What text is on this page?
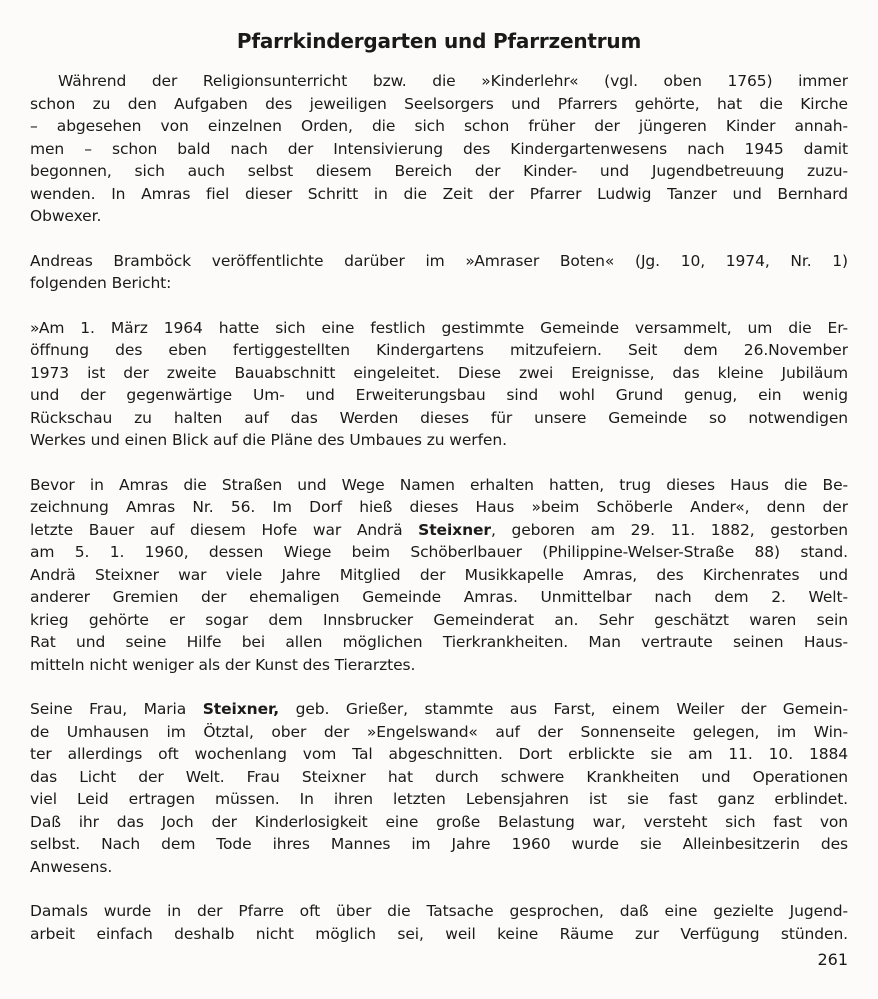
Pfarrkindergarten und Pfarrzentrum

Während der Religionsunterricht bzw. die »Kinderlehr« (vgl. oben 1765) immer
schon zu den Aufgaben des jeweiligen Seelsorgers und Pfarrers gehörte, hat die Kirche
– abgesehen von einzelnen Orden, die sich schon früher der jüngeren Kinder annah-
men – schon bald nach der Intensivierung des Kindergartenwesens nach 1945 damit
begonnen, sich auch selbst diesem Bereich der Kinder- und Jugendbetreuung zuzu-
wenden. In Amras fiel dieser Schritt in die Zeit der Pfarrer Ludwig Tanzer und Bernhard
Obwexer.

Andreas Bramböck veröffentlichte darüber im »Amraser Boten« (Jg. 10, 1974, Nr. 1)
folgenden Bericht:

»Am 1. März 1964 hatte sich eine festlich gestimmte Gemeinde versammelt, um die Er-
öffnung des eben fertiggestellten Kindergartens mitzufeiern. Seit dem 26.November
1973 ist der zweite Bauabschnitt eingeleitet. Diese zwei Ereignisse, das kleine Jubiläum
und der gegenwärtige Um- und Erweiterungsbau sind wohl Grund genug, ein wenig
Rückschau zu halten auf das Werden dieses für unsere Gemeinde so notwendigen
Werkes und einen Blick auf die Pläne des Umbaues zu werfen.

Bevor in Amras die Straßen und Wege Namen erhalten hatten, trug dieses Haus die Be-
zeichnung Amras Nr. 56. Im Dorf hieß dieses Haus »beim Schöberle Ander«, denn der
letzte Bauer auf diesem Hofe war Andrä Steixner, geboren am 29. 11. 1882, gestorben
am 5. 1. 1960, dessen Wiege beim Schöberlbauer (Philippine-Welser-Straße 88) stand.
Andrä Steixner war viele Jahre Mitglied der Musikkapelle Amras, des Kirchenrates und
anderer Gremien der ehemaligen Gemeinde Amras. Unmittelbar nach dem 2. Welt-
krieg gehörte er sogar dem Innsbrucker Gemeinderat an. Sehr geschätzt waren sein
Rat und seine Hilfe bei allen möglichen Tierkrankheiten. Man vertraute seinen Haus-
mitteln nicht weniger als der Kunst des Tierarztes.

Seine Frau, Maria Steixner, geb. Grießer, stammte aus Farst, einem Weiler der Gemein-
de Umhausen im Ötztal, ober der »Engelswand« auf der Sonnenseite gelegen, im Win-
ter allerdings oft wochenlang vom Tal abgeschnitten. Dort erblickte sie am 11. 10. 1884
das Licht der Welt. Frau Steixner hat durch schwere Krankheiten und Operationen
viel Leid ertragen müssen. In ihren letzten Lebensjahren ist sie fast ganz erblindet.
Daß ihr das Joch der Kinderlosigkeit eine große Belastung war, versteht sich fast von
selbst. Nach dem Tode ihres Mannes im Jahre 1960 wurde sie Alleinbesitzerin des
Anwesens.

Damals wurde in der Pfarre oft über die Tatsache gesprochen, daß eine gezielte Jugend-
arbeit einfach deshalb nicht möglich sei, weil keine Räume zur Verfügung stünden.

261
